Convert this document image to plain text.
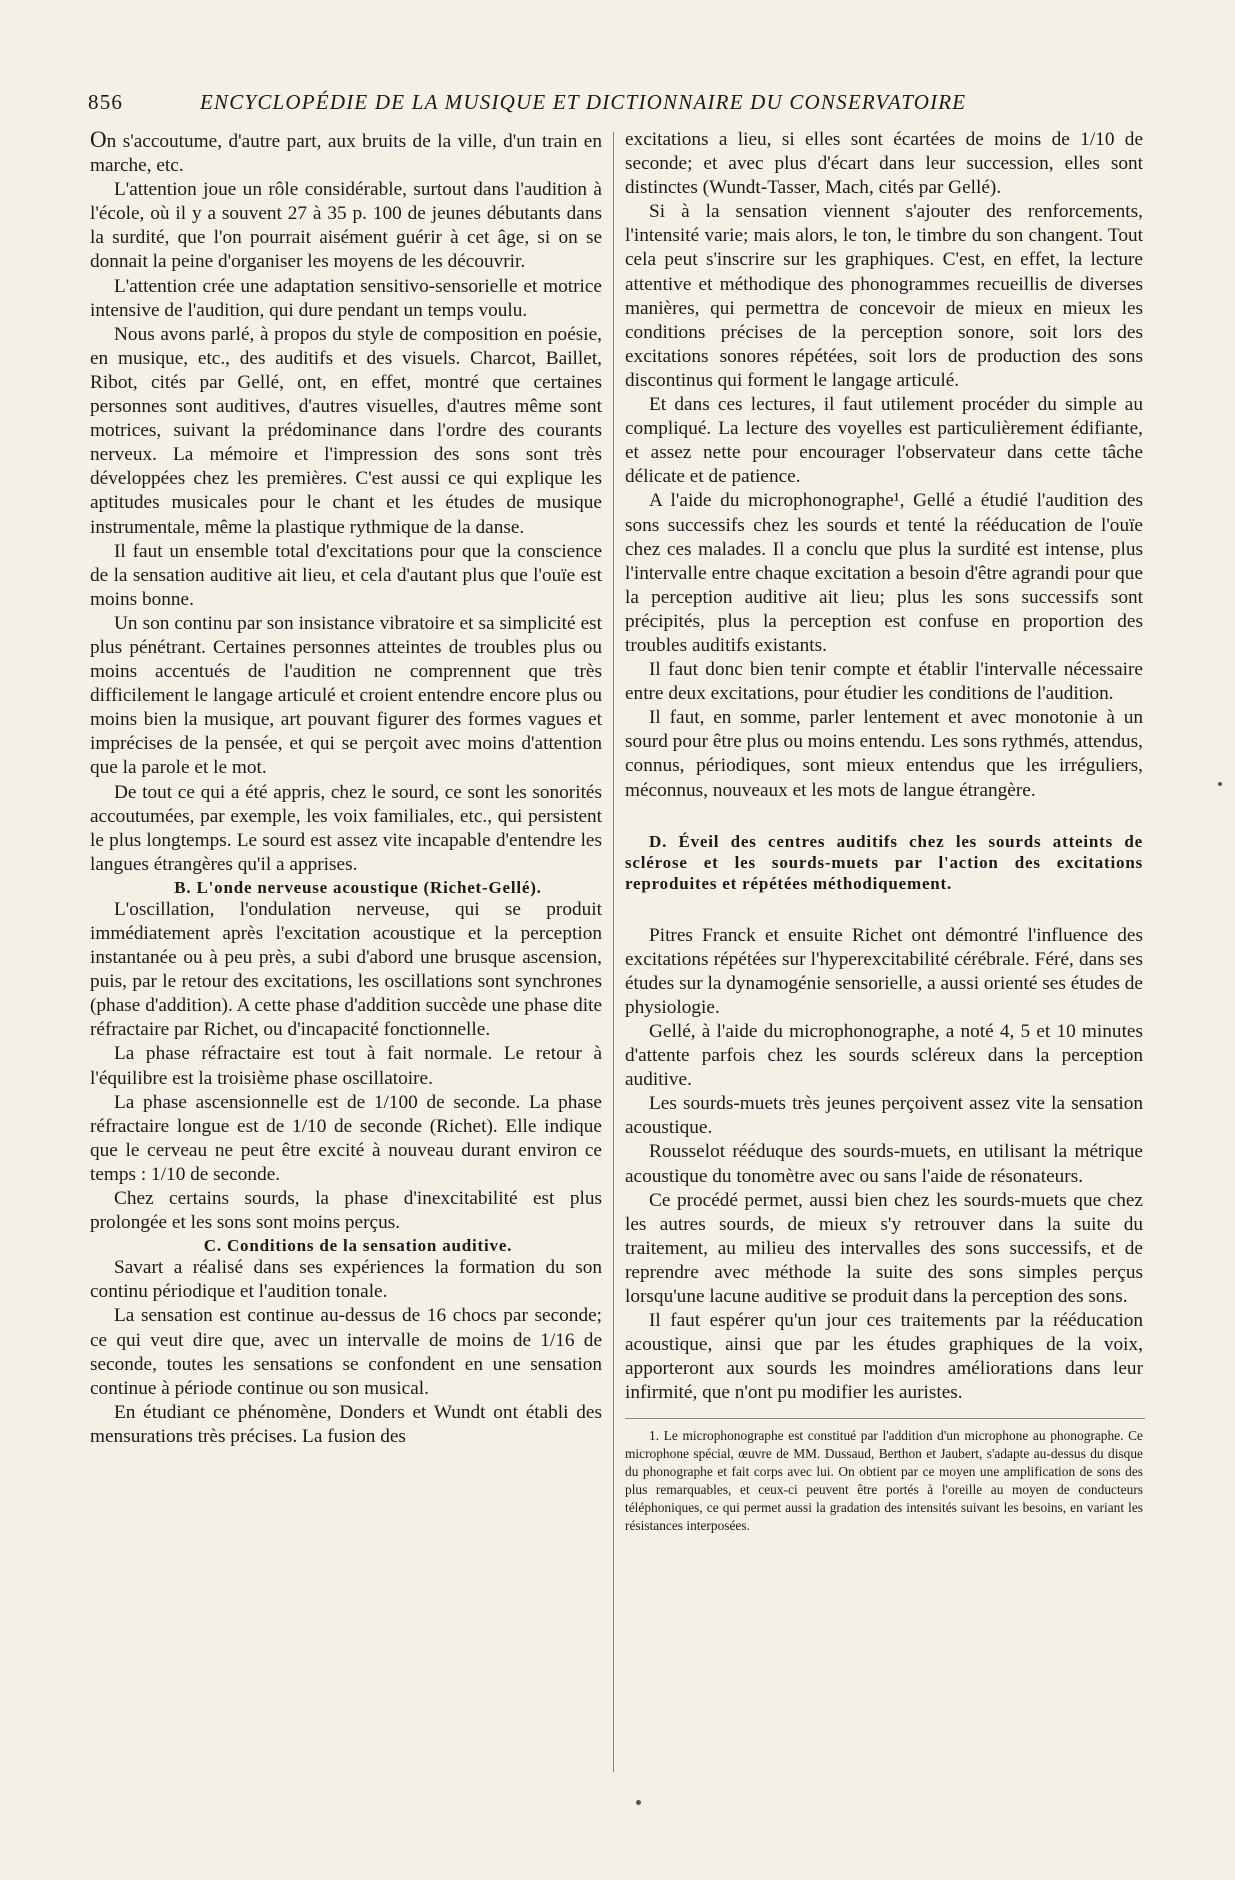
856	ENCYCLOPÉDIE DE LA MUSIQUE ET DICTIONNAIRE DU CONSERVATOIRE

On s'accoutume, d'autre part, aux bruits de la ville, d'un train en marche, etc.

L'attention joue un rôle considérable, surtout dans l'audition à l'école, où il y a souvent 27 à 35 p. 100 de jeunes débutants dans la surdité, que l'on pourrait aisément guérir à cet âge, si on se donnait la peine d'organiser les moyens de les découvrir.

L'attention crée une adaptation sensitivo-sensorielle et motrice intensive de l'audition, qui dure pendant un temps voulu.

Nous avons parlé, à propos du style de composition en poésie, en musique, etc., des auditifs et des visuels. Charcot, Baillet, Ribot, cités par Gellé, ont, en effet, montré que certaines personnes sont auditives, d'autres visuelles, d'autres même sont motrices, suivant la prédominance dans l'ordre des courants nerveux. La mémoire et l'impression des sons sont très développées chez les premières. C'est aussi ce qui explique les aptitudes musicales pour le chant et les études de musique instrumentale, même la plastique rythmique de la danse.

Il faut un ensemble total d'excitations pour que la conscience de la sensation auditive ait lieu, et cela d'autant plus que l'ouïe est moins bonne.

Un son continu par son insistance vibratoire et sa simplicité est plus pénétrant. Certaines personnes atteintes de troubles plus ou moins accentués de l'audition ne comprennent que très difficilement le langage articulé et croient entendre encore plus ou moins bien la musique, art pouvant figurer des formes vagues et imprécises de la pensée, et qui se perçoit avec moins d'attention que la parole et le mot.

De tout ce qui a été appris, chez le sourd, ce sont les sonorités accoutumées, par exemple, les voix familiales, etc., qui persistent le plus longtemps. Le sourd est assez vite incapable d'entendre les langues étrangères qu'il a apprises.

B. L'onde nerveuse acoustique (Richet-Gellé).

L'oscillation, l'ondulation nerveuse, qui se produit immédiatement après l'excitation acoustique et la perception instantanée ou à peu près, a subi d'abord une brusque ascension, puis, par le retour des excitations, les oscillations sont synchrones (phase d'addition). A cette phase d'addition succède une phase dite réfractaire par Richet, ou d'incapacité fonctionnelle.

La phase réfractaire est tout à fait normale. Le retour à l'équilibre est la troisième phase oscillatoire.

La phase ascensionnelle est de 1/100 de seconde. La phase réfractaire longue est de 1/10 de seconde (Richet). Elle indique que le cerveau ne peut être excité à nouveau durant environ ce temps : 1/10 de seconde.

Chez certains sourds, la phase d'inexcitabilité est plus prolongée et les sons sont moins perçus.

C. Conditions de la sensation auditive.

Savart a réalisé dans ses expériences la formation du son continu périodique et l'audition tonale.

La sensation est continue au-dessus de 16 chocs par seconde; ce qui veut dire que, avec un intervalle de moins de 1/16 de seconde, toutes les sensations se confondent en une sensation continue à période continue ou son musical.

En étudiant ce phénomène, Donders et Wundt ont établi des mensurations très précises. La fusion des

excitations a lieu, si elles sont écartées de moins de 1/10 de seconde; et avec plus d'écart dans leur succession, elles sont distinctes (Wundt-Tasser, Mach, cités par Gellé).

Si à la sensation viennent s'ajouter des renforcements, l'intensité varie; mais alors, le ton, le timbre du son changent. Tout cela peut s'inscrire sur les graphiques. C'est, en effet, la lecture attentive et méthodique des phonogrammes recueillis de diverses manières, qui permettra de concevoir de mieux en mieux les conditions précises de la perception sonore, soit lors des excitations sonores répétées, soit lors de production des sons discontinus qui forment le langage articulé.

Et dans ces lectures, il faut utilement procéder du simple au compliqué. La lecture des voyelles est particulièrement édifiante, et assez nette pour encourager l'observateur dans cette tâche délicate et de patience.

A l'aide du microphonographe¹, Gellé a étudié l'audition des sons successifs chez les sourds et tenté la rééducation de l'ouïe chez ces malades. Il a conclu que plus la surdité est intense, plus l'intervalle entre chaque excitation a besoin d'être agrandi pour que la perception auditive ait lieu; plus les sons successifs sont précipités, plus la perception est confuse en proportion des troubles auditifs existants.

Il faut donc bien tenir compte et établir l'intervalle nécessaire entre deux excitations, pour étudier les conditions de l'audition.

Il faut, en somme, parler lentement et avec monotonie à un sourd pour être plus ou moins entendu. Les sons rythmés, attendus, connus, périodiques, sont mieux entendus que les irréguliers, méconnus, nouveaux et les mots de langue étrangère.

D. Éveil des centres auditifs chez les sourds atteints de sclérose et les sourds-muets par l'action des excitations reproduites et répétées méthodiquement.

Pitres Franck et ensuite Richet ont démontré l'influence des excitations répétées sur l'hyperexcitabilité cérébrale. Féré, dans ses études sur la dynamogénie sensorielle, a aussi orienté ses études de physiologie.

Gellé, à l'aide du microphonographe, a noté 4, 5 et 10 minutes d'attente parfois chez les sourds scléreux dans la perception auditive.

Les sourds-muets très jeunes perçoivent assez vite la sensation acoustique.

Rousselot rééduque des sourds-muets, en utilisant la métrique acoustique du tonomètre avec ou sans l'aide de résonateurs.

Ce procédé permet, aussi bien chez les sourds-muets que chez les autres sourds, de mieux s'y retrouver dans la suite du traitement, au milieu des intervalles des sons successifs, et de reprendre avec méthode la suite des sons simples perçus lorsqu'une lacune auditive se produit dans la perception des sons.

Il faut espérer qu'un jour ces traitements par la rééducation acoustique, ainsi que par les études graphiques de la voix, apporteront aux sourds les moindres améliorations dans leur infirmité, que n'ont pu modifier les auristes.

1. Le microphonographe est constitué par l'addition d'un microphone au phonographe. Ce microphone spécial, œuvre de MM. Dussaud, Berthon et Jaubert, s'adapte au-dessus du disque du phonographe et fait corps avec lui. On obtient par ce moyen une amplification de sons des plus remarquables, et ceux-ci peuvent être portés à l'oreille au moyen de conducteurs téléphoniques, ce qui permet aussi la gradation des intensités suivant les besoins, en variant les résistances interposées.
